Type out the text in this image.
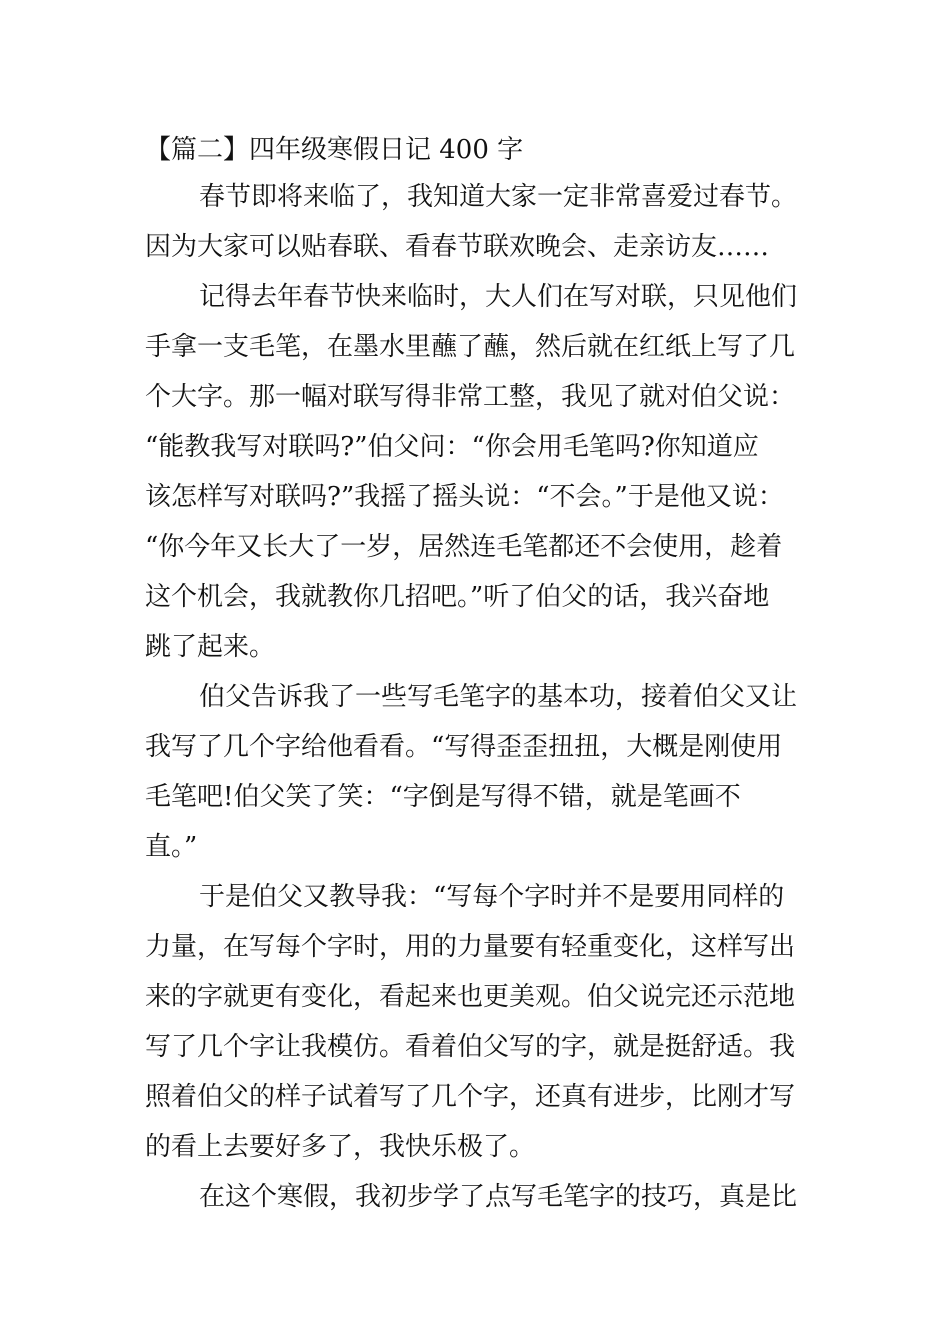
【篇二】四年级寒假日记 400 字
春节即将来临了，我知道大家一定非常喜爱过春节。
因为大家可以贴春联、看春节联欢晚会、走亲访友……
记得去年春节快来临时，大人们在写对联，只见他们
手拿一支毛笔，在墨水里蘸了蘸，然后就在红纸上写了几
个大字。那一幅对联写得非常工整，我见了就对伯父说：
“能教我写对联吗?”伯父问：“你会用毛笔吗?你知道应
该怎样写对联吗?”我摇了摇头说：“不会。”于是他又说：
“你今年又长大了一岁，居然连毛笔都还不会使用，趁着
这个机会，我就教你几招吧。”听了伯父的话，我兴奋地
跳了起来。
伯父告诉我了一些写毛笔字的基本功，接着伯父又让
我写了几个字给他看看。“写得歪歪扭扭，大概是刚使用
毛笔吧!伯父笑了笑：“字倒是写得不错，就是笔画不
直。”
于是伯父又教导我：“写每个字时并不是要用同样的
力量，在写每个字时，用的力量要有轻重变化，这样写出
来的字就更有变化，看起来也更美观。伯父说完还示范地
写了几个字让我模仿。看着伯父写的字，就是挺舒适。我
照着伯父的样子试着写了几个字，还真有进步，比刚才写
的看上去要好多了，我快乐极了。
在这个寒假，我初步学了点写毛笔字的技巧，真是比
